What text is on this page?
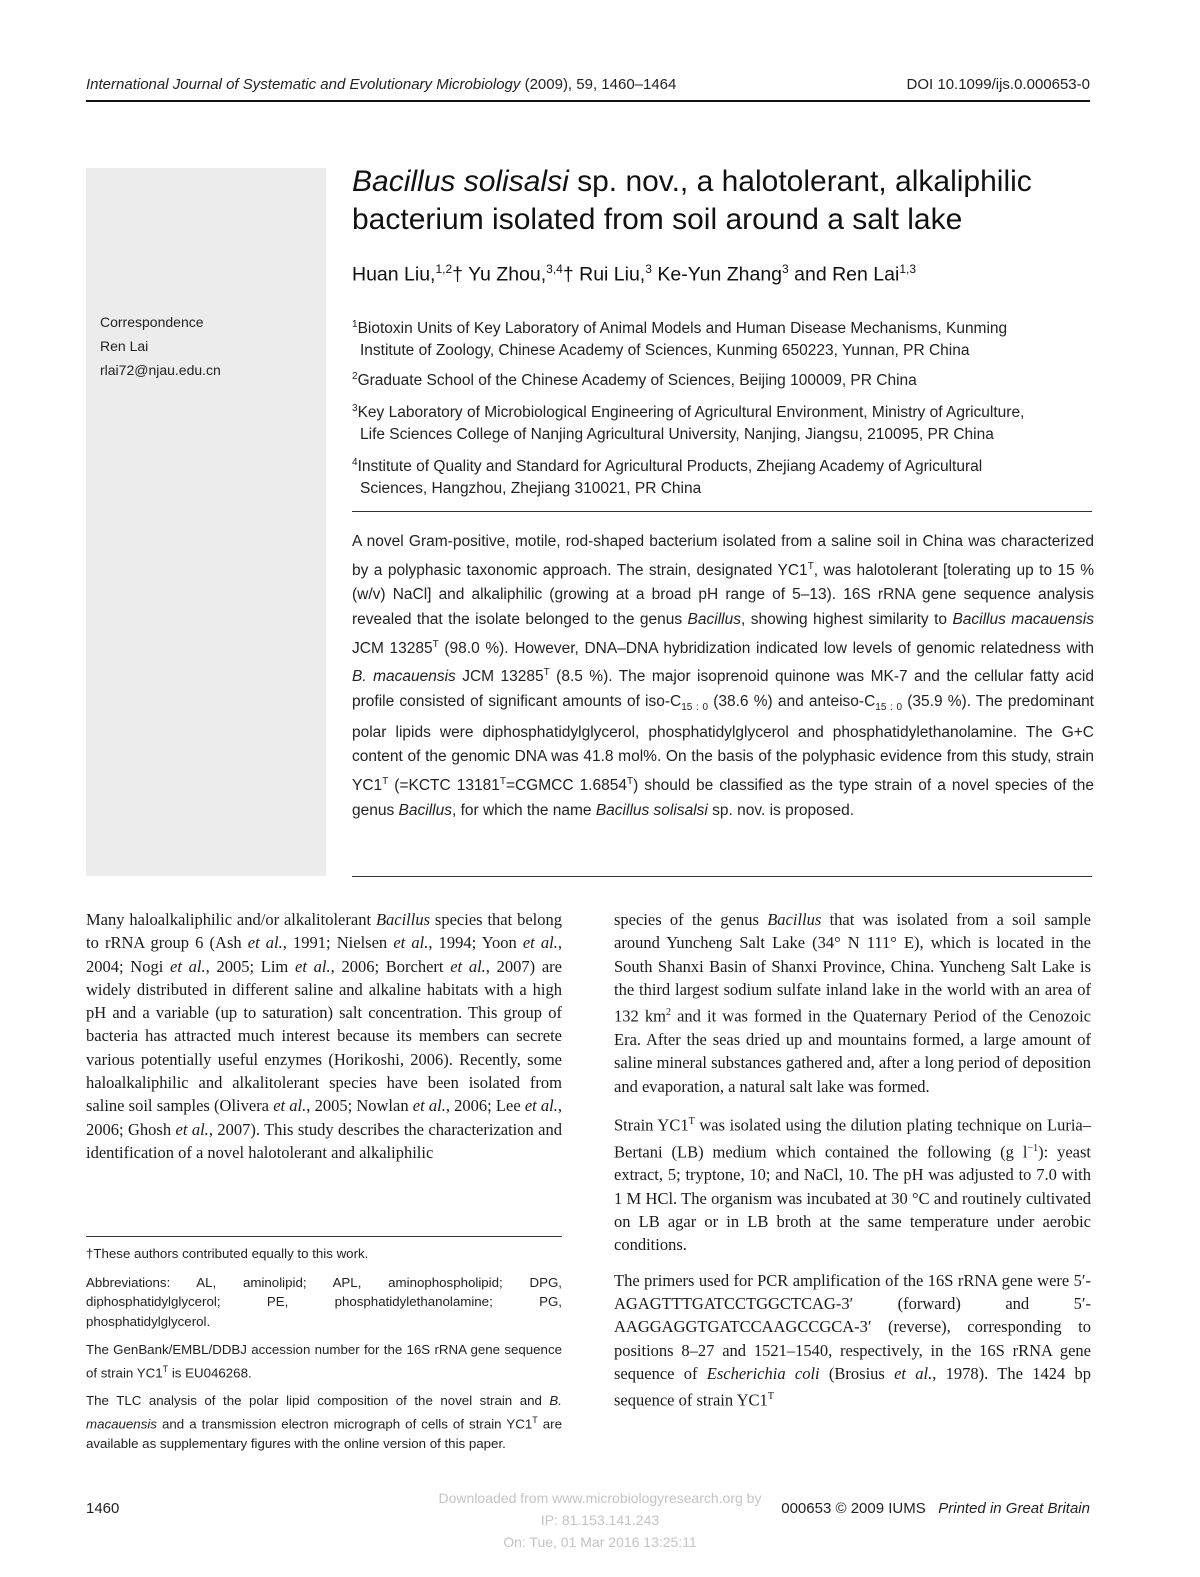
International Journal of Systematic and Evolutionary Microbiology (2009), 59, 1460–1464	DOI 10.1099/ijs.0.000653-0
Correspondence
Ren Lai
rlai72@njau.edu.cn
Bacillus solisalsi sp. nov., a halotolerant, alkaliphilic
bacterium isolated from soil around a salt lake
Huan Liu,$^{1,2}$† Yu Zhou,$^{3,4}$† Rui Liu,$^3$ Ke-Yun Zhang$^3$ and Ren Lai$^{1,3}$
$^1$Biotoxin Units of Key Laboratory of Animal Models and Human Disease Mechanisms, Kunming
Institute of Zoology, Chinese Academy of Sciences, Kunming 650223, Yunnan, PR China
$^2$Graduate School of the Chinese Academy of Sciences, Beijing 100009, PR China
$^3$Key Laboratory of Microbiological Engineering of Agricultural Environment, Ministry of Agriculture,
Life Sciences College of Nanjing Agricultural University, Nanjing, Jiangsu, 210095, PR China
$^4$Institute of Quality and Standard for Agricultural Products, Zhejiang Academy of Agricultural
Sciences, Hangzhou, Zhejiang 310021, PR China
A novel Gram-positive, motile, rod-shaped bacterium isolated from a saline soil in China was characterized by a polyphasic taxonomic approach. The strain, designated $YC1^T$, was halotolerant [tolerating up to 15 % (w/v) NaCl] and alkaliphilic (growing at a broad pH range of 5–13). 16S rRNA gene sequence analysis revealed that the isolate belonged to the genus Bacillus, showing highest similarity to Bacillus macauensis JCM $13285^T$ (98.0 %). However, DNA–DNA hybridization indicated low levels of genomic relatedness with B. macauensis JCM $13285^T$ (8.5 %). The major isoprenoid quinone was MK-7 and the cellular fatty acid profile consisted of significant amounts of iso-$C_{15 : 0}$ (38.6 %) and anteiso-$C_{15 : 0}$ (35.9 %). The predominant polar lipids were diphosphatidylglycerol, phosphatidylglycerol and phosphatidylethanolamine. The G+C content of the genomic DNA was 41.8 mol%. On the basis of the polyphasic evidence from this study, strain $YC1^T$ (=KCTC $13181^T=CGMCC$ $1.6854^T$) should be classified as the type strain of a novel species of the genus Bacillus, for which the name Bacillus solisalsi sp. nov. is proposed.

Many haloalkaliphilic and/or alkalitolerant Bacillus species that belong to rRNA group 6 (Ash et al., 1991; Nielsen et al., 1994; Yoon et al., 2004; Nogi et al., 2005; Lim et al., 2006; Borchert et al., 2007) are widely distributed in different saline and alkaline habitats with a high pH and a variable (up to saturation) salt concentration. This group of bacteria has attracted much interest because its members can secrete various potentially useful enzymes (Horikoshi, 2006). Recently, some haloalkaliphilic and alkalitolerant species have been isolated from saline soil samples (Olivera et al., 2005; Nowlan et al., 2006; Lee et al., 2006; Ghosh et al., 2007). This study describes the characterization and identification of a novel halotolerant and alkaliphilic

†These authors contributed equally to this work.

Abbreviations: AL, aminolipid; APL, aminophospholipid; DPG, diphosphatidylglycerol; PE, phosphatidylethanolamine; PG, phosphatidylglycerol.

The GenBank/EMBL/DDBJ accession number for the 16S rRNA gene sequence of strain $YC1^T$ is EU046268.

The TLC analysis of the polar lipid composition of the novel strain and B. macauensis and a transmission electron micrograph of cells of strain $YC1^T$ are available as supplementary figures with the online version of this paper.

species of the genus Bacillus that was isolated from a soil sample around Yuncheng Salt Lake (34° N 111° E), which is located in the South Shanxi Basin of Shanxi Province, China. Yuncheng Salt Lake is the third largest sodium sulfate inland lake in the world with an area of 132 $km^2$ and it was formed in the Quaternary Period of the Cenozoic Era. After the seas dried up and mountains formed, a large amount of saline mineral substances gathered and, after a long period of deposition and evaporation, a natural salt lake was formed.

Strain $YC1^T$ was isolated using the dilution plating technique on Luria–Bertani (LB) medium which contained the following (g $l^{-1}$): yeast extract, 5; tryptone, 10; and NaCl, 10. The pH was adjusted to 7.0 with 1 M HCl. The organism was incubated at 30 °C and routinely cultivated on LB agar or in LB broth at the same temperature under aerobic conditions.

The primers used for PCR amplification of the 16S rRNA gene were 5′-AGAGTTTGATCCTGGCTCAG-3′ (forward) and 5′-AAGGAGGTGATCCAAGCCGCA-3′ (reverse), corresponding to positions 8–27 and 1521–1540, respectively, in the 16S rRNA gene sequence of Escherichia coli (Brosius et al., 1978). The 1424 bp sequence of strain $YC1^T$

1460	000653 © 2009 IUMS Printed in Great Britain
Downloaded from www.microbiologyresearch.org by
IP: 81.153.141.243
On: Tue, 01 Mar 2016 13:25:11
